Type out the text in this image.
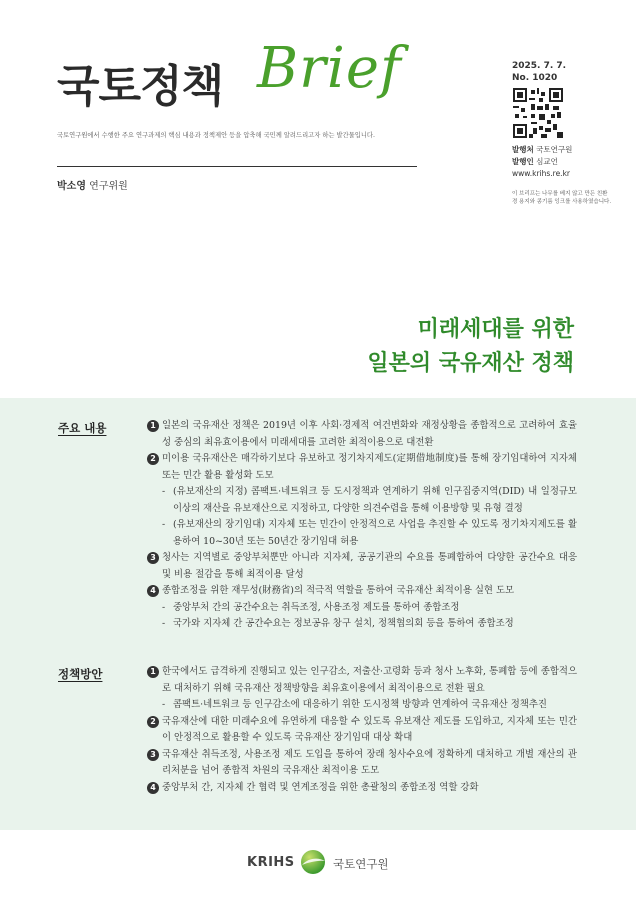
국토정책 Brief
국토연구원에서 수행한 주요 연구과제의 핵심 내용과 정책제안 등을 압축해 국민께 알려드리고자 하는 발간물입니다.
박소영 연구위원
2025. 7. 7.
No. 1020
발행처 국토연구원
발행인 심교언
www.krihs.re.kr
이 브리프는 나무를 베지 않고 만든 친환경 용지와 콩기름 잉크를 사용하였습니다.
미래세대를 위한
일본의 국유재산 정책
주요 내용	1 일본의 국유재산 정책은 2019년 이후 사회·경제적 여건변화와 재정상황을 종합적으로 고려하여 효율성 중심의 최유효이용에서 미래세대를 고려한 최적이용으로 대전환
2 미이용 국유재산은 매각하기보다 유보하고 정기차지제도(定期借地制度)를 통해 장기임대하여 지자체 또는 민간 활용 활성화 도모
- (유보재산의 지정) 콤팩트·네트워크 등 도시정책과 연계하기 위해 인구집중지역(DID) 내 일정규모 이상의 재산을 유보재산으로 지정하고, 다양한 의견수렴을 통해 이용방향 및 유형 결정
- (유보재산의 장기임대) 지자체 또는 민간이 안정적으로 사업을 추진할 수 있도록 정기차지제도를 활용하여 10~30년 또는 50년간 장기임대 허용
3 청사는 지역별로 중앙부처뿐만 아니라 지자체, 공공기관의 수요를 통폐합하여 다양한 공간수요 대응 및 비용 절감을 통해 최적이용 달성
4 종합조정을 위한 재무성(財務省)의 적극적 역할을 통하여 국유재산 최적이용 실현 도모
- 중앙부처 간의 공간수요는 취득조정, 사용조정 제도를 통하여 종합조정
- 국가와 지자체 간 공간수요는 정보공유 창구 설치, 정책협의회 등을 통하여 종합조정
정책방안	1 한국에서도 급격하게 진행되고 있는 인구감소, 저출산·고령화 등과 청사 노후화, 통폐합 등에 종합적으로 대처하기 위해 국유재산 정책방향을 최유효이용에서 최적이용으로 전환 필요
- 콤팩트·네트워크 등 인구감소에 대응하기 위한 도시정책 방향과 연계하여 국유재산 정책추진
2 국유재산에 대한 미래수요에 유연하게 대응할 수 있도록 유보재산 제도를 도입하고, 지자체 또는 민간이 안정적으로 활용할 수 있도록 국유재산 장기임대 대상 확대
3 국유재산 취득조정, 사용조정 제도 도입을 통하여 장래 청사수요에 정확하게 대처하고 개별 재산의 관리처분을 넘어 종합적 차원의 국유재산 최적이용 도모
4 중앙부처 간, 지자체 간 협력 및 연계조정을 위한 총괄청의 종합조정 역할 강화
KRIHS	국토연구원
